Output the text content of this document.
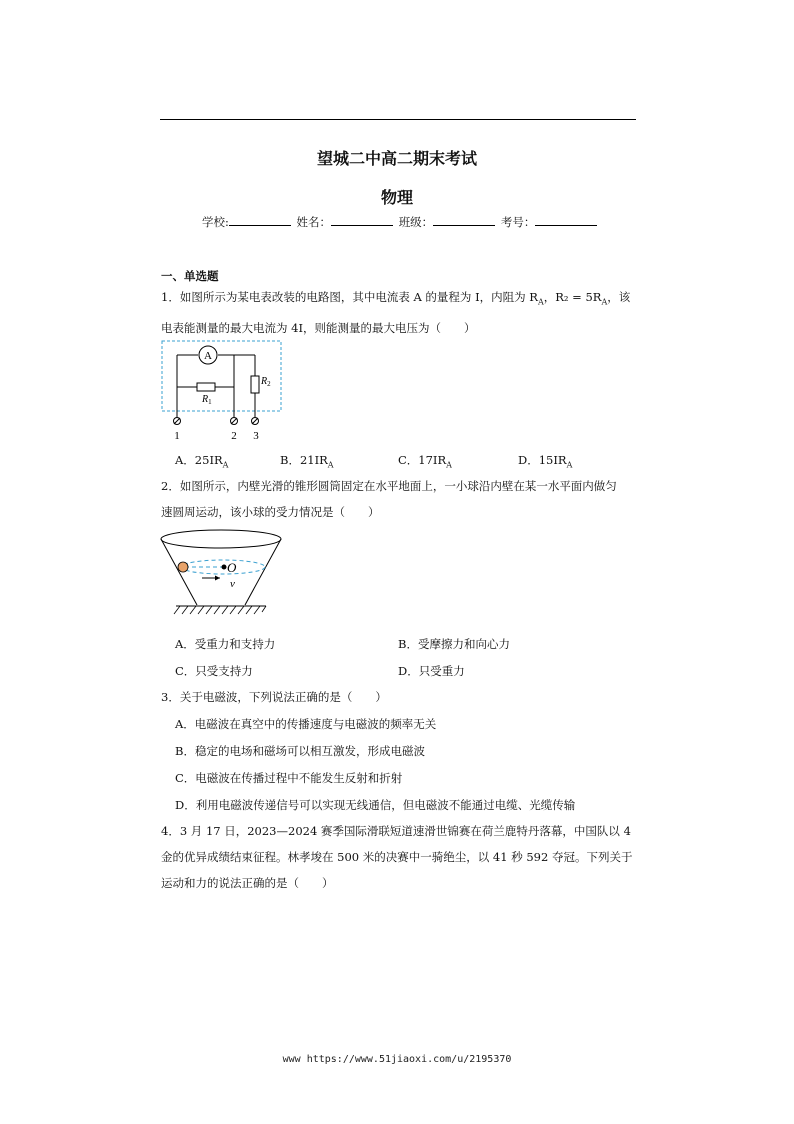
望城二中高二期末考试
物理
学校:	姓名：	班级：	考号：
一、单选题
1．如图所示为某电表改装的电路图，其中电流表 A 的量程为 I，内阻为 $R_A$，$R_2 = 5R_A$，该
电表能测量的最大电流为 4I，则能测量的最大电压为（　　）
A
$R_1$
$R_2$
1	2 3
A．$25IR_A$	B．$21IR_A$	C．$17IR_A$	D．$15IR_A$
2．如图所示，内壁光滑的锥形圆筒固定在水平地面上，一小球沿内壁在某一水平面内做匀
速圆周运动，该小球的受力情况是（　　）
O
v
A．受重力和支持力	B．受摩擦力和向心力
C．只受支持力	D．只受重力
3．关于电磁波，下列说法正确的是（　　）
A．电磁波在真空中的传播速度与电磁波的频率无关
B．稳定的电场和磁场可以相互激发，形成电磁波
C．电磁波在传播过程中不能发生反射和折射
D．利用电磁波传递信号可以实现无线通信，但电磁波不能通过电缆、光缆传输
4．3 月 17 日，2023—2024 赛季国际滑联短道速滑世锦赛在荷兰鹿特丹落幕，中国队以 4
金的优异成绩结束征程。林孝埈在 500 米的决赛中一骑绝尘，以 41 秒 592 夺冠。下列关于
运动和力的说法正确的是（　　）
www https://www.51jiaoxi.com/u/2195370
